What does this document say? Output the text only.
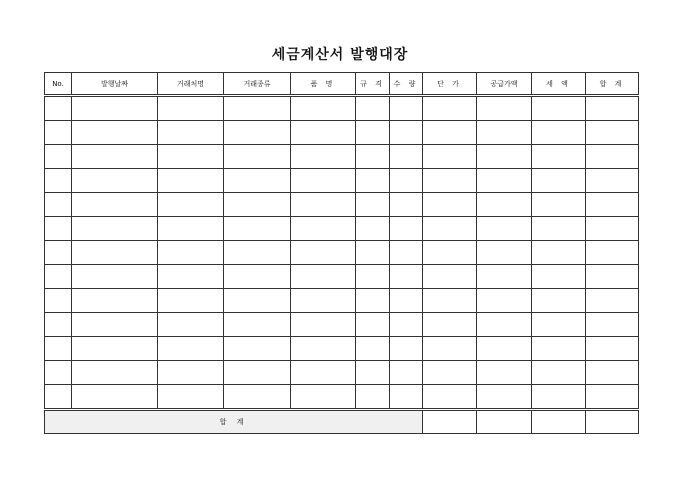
세금계산서 발행대장
No.	발행날짜	거래처명	거래종류	품 명	규 격	수 량	단 가	공급가액	세 액	합 계

합 계										
